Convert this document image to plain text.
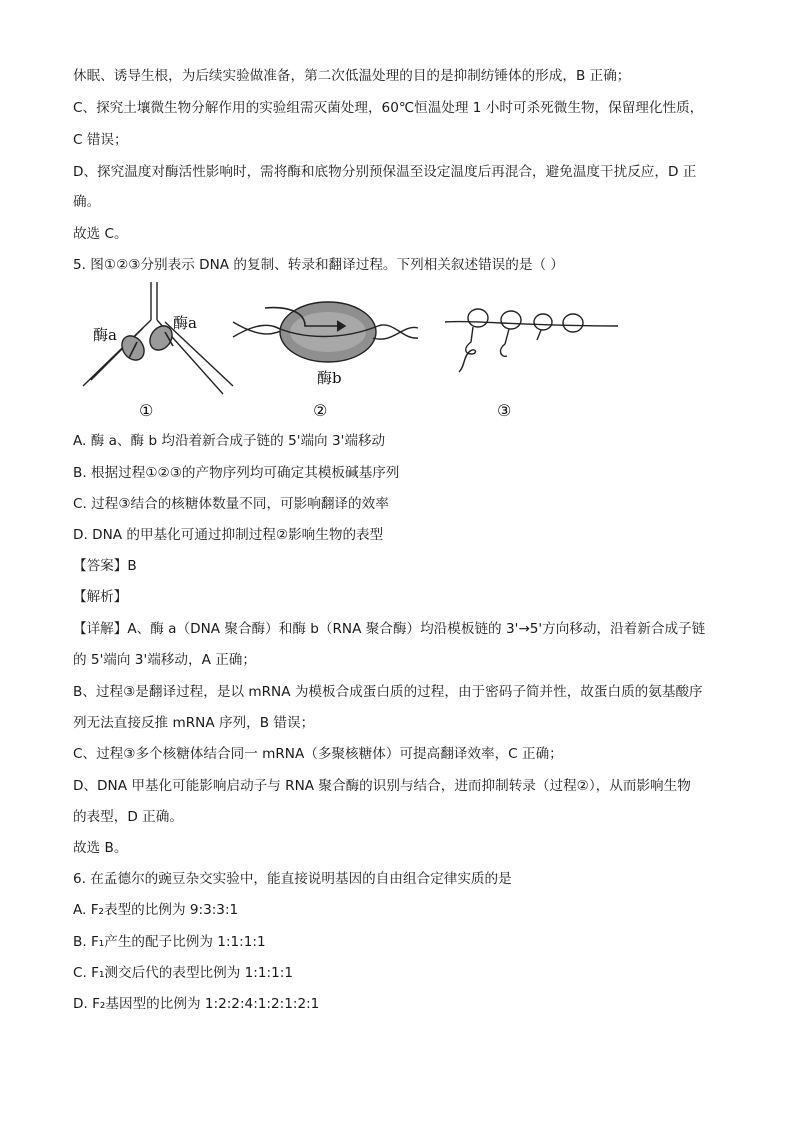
休眠、诱导生根，为后续实验做准备，第二次低温处理的目的是抑制纺锤体的形成，B 正确；
C、探究土壤微生物分解作用的实验组需灭菌处理，60℃恒温处理 1 小时可杀死微生物，保留理化性质，
C 错误；
D、探究温度对酶活性影响时，需将酶和底物分别预保温至设定温度后再混合，避免温度干扰反应，D 正
确。
故选 C。
5. 图①②③分别表示 DNA 的复制、转录和翻译过程。下列相关叙述错误的是（ ）
酶a
酶a
①
酶b
②	③
A. 酶 a、酶 b 均沿着新合成子链的 5'端向 3'端移动
B. 根据过程①②③的产物序列均可确定其模板碱基序列
C. 过程③结合的核糖体数量不同，可影响翻译的效率
D. DNA 的甲基化可通过抑制过程②影响生物的表型
【答案】B
【解析】
【详解】A、酶 a（DNA 聚合酶）和酶 b（RNA 聚合酶）均沿模板链的 3'→5'方向移动，沿着新合成子链
的 5'端向 3'端移动，A 正确；
B、过程③是翻译过程，是以 mRNA 为模板合成蛋白质的过程，由于密码子简并性，故蛋白质的氨基酸序
列无法直接反推 mRNA 序列，B 错误；
C、过程③多个核糖体结合同一 mRNA（多聚核糖体）可提高翻译效率，C 正确；
D、DNA 甲基化可能影响启动子与 RNA 聚合酶的识别与结合，进而抑制转录（过程②），从而影响生物
的表型，D 正确。
故选 B。
6. 在孟德尔的豌豆杂交实验中，能直接说明基因的自由组合定律实质的是
A. F₂表型的比例为 9:3:3:1
B. F₁产生的配子比例为 1:1:1:1
C. F₁测交后代的表型比例为 1:1:1:1
D. F₂基因型的比例为 1:2:2:4:1:2:1:2:1
